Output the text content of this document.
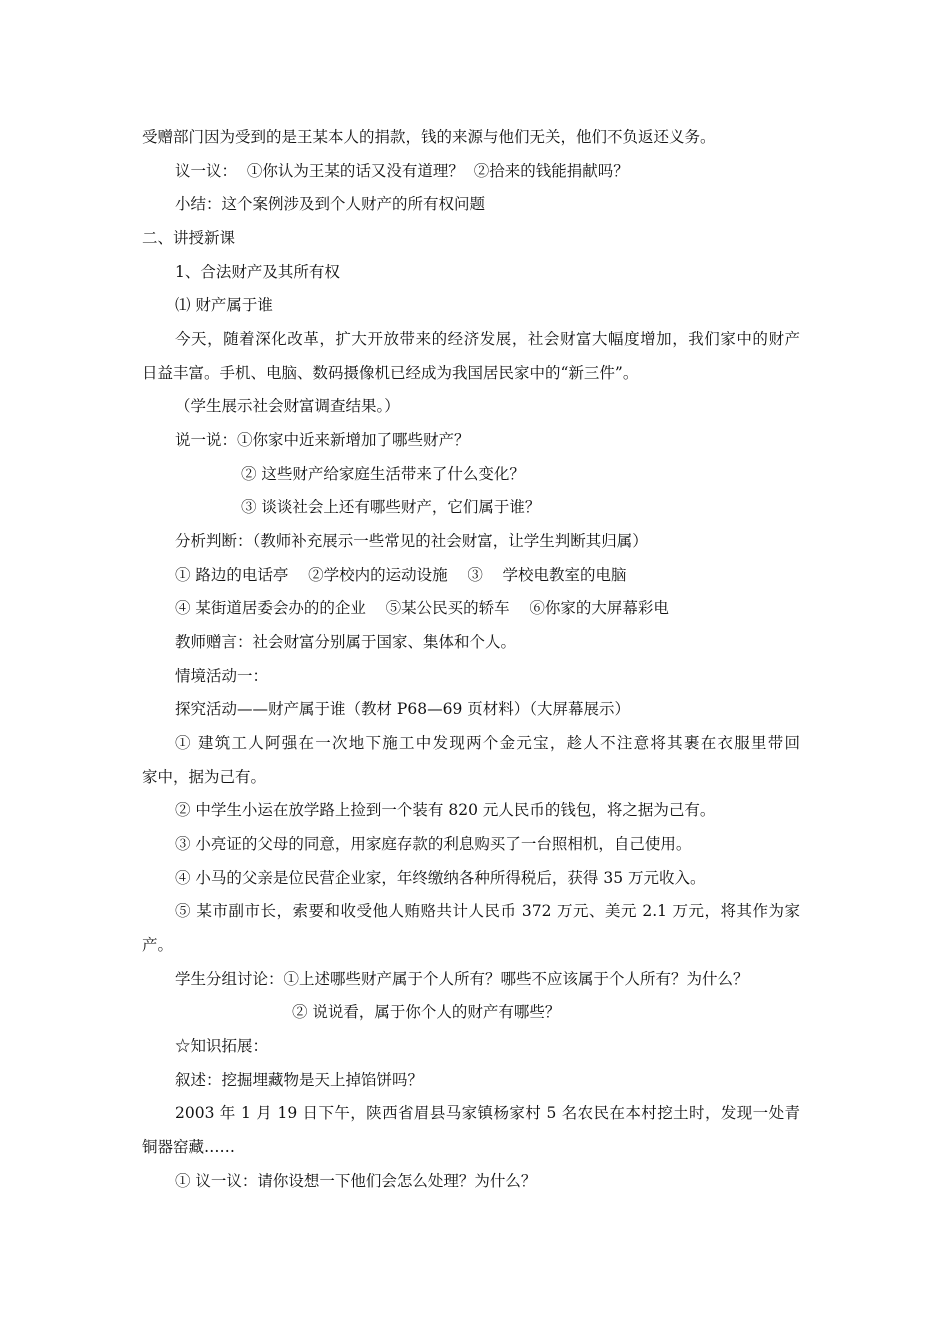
受赠部门因为受到的是王某本人的捐款，钱的来源与他们无关，他们不负返还义务。
议一议：  ①你认为王某的话又没有道理？  ②拾来的钱能捐献吗？
小结：这个案例涉及到个人财产的所有权问题
二、讲授新课
1、合法财产及其所有权
⑴ 财产属于谁
今天，随着深化改革，扩大开放带来的经济发展，社会财富大幅度增加，我们家中的财产
日益丰富。手机、电脑、数码摄像机已经成为我国居民家中的“新三件”。
（学生展示社会财富调查结果。）
说一说：①你家中近来新增加了哪些财产？
② 这些财产给家庭生活带来了什么变化？
③ 谈谈社会上还有哪些财产，它们属于谁？
分析判断：（教师补充展示一些常见的社会财富，让学生判断其归属）
① 路边的电话亭    ②学校内的运动设施    ③    学校电教室的电脑
④ 某街道居委会办的的企业    ⑤某公民买的轿车    ⑥你家的大屏幕彩电
教师赠言：社会财富分别属于国家、集体和个人。
情境活动一：
探究活动——财产属于谁（教材 P68—69 页材料）（大屏幕展示）
① 建筑工人阿强在一次地下施工中发现两个金元宝，趁人不注意将其裹在衣服里带回
家中，据为己有。
② 中学生小运在放学路上捡到一个装有 820 元人民币的钱包，将之据为己有。
③ 小亮证的父母的同意，用家庭存款的利息购买了一台照相机，自己使用。
④ 小马的父亲是位民营企业家，年终缴纳各种所得税后，获得 35 万元收入。
⑤ 某市副市长，索要和收受他人贿赂共计人民币 372 万元、美元 2.1 万元，将其作为家
产。
学生分组讨论：①上述哪些财产属于个人所有？哪些不应该属于个人所有？为什么？
② 说说看，属于你个人的财产有哪些？
☆知识拓展：
叙述：挖掘埋藏物是天上掉馅饼吗？
2003 年 1 月 19 日下午，陕西省眉县马家镇杨家村 5 名农民在本村挖土时，发现一处青
铜器窑藏……
① 议一议：请你设想一下他们会怎么处理？为什么？
